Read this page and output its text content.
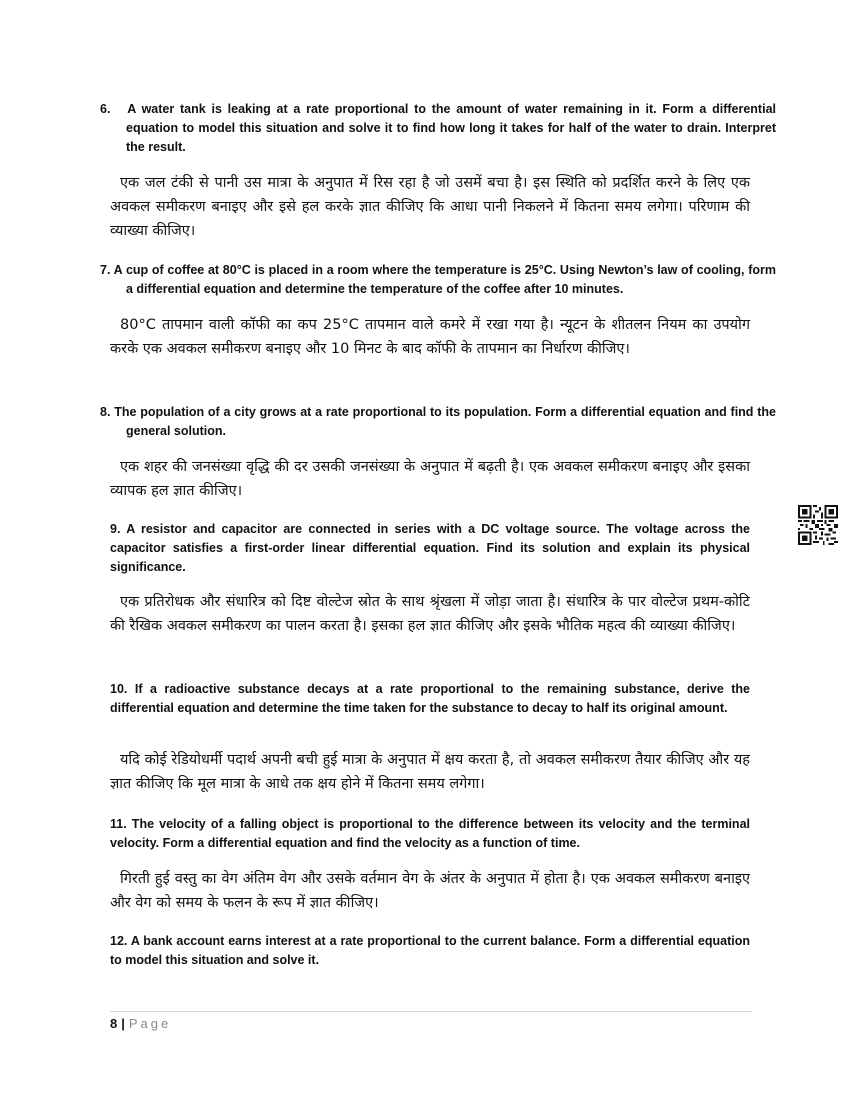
6.   A water tank is leaking at a rate proportional to the amount of water remaining in it. Form a differential equation to model this situation and solve it to find how long it takes for half of the water to drain. Interpret the result.
एक जल टंकी से पानी उस मात्रा के अनुपात में रिस रहा है जो उसमें बचा है। इस स्थिति को प्रदर्शित करने के लिए एक अवकल समीकरण बनाइए और इसे हल करके ज्ञात कीजिए कि आधा पानी निकलने में कितना समय लगेगा। परिणाम की व्याख्या कीजिए।
7. A cup of coffee at 80°C is placed in a room where the temperature is 25°C. Using Newton’s law of cooling, form a differential equation and determine the temperature of the coffee after 10 minutes.
80°C तापमान वाली कॉफी का कप 25°C तापमान वाले कमरे में रखा गया है। न्यूटन के शीतलन नियम का उपयोग करके एक अवकल समीकरण बनाइए और 10 मिनट के बाद कॉफी के तापमान का निर्धारण कीजिए।
8. The population of a city grows at a rate proportional to its population. Form a differential equation and find the general solution.
एक शहर की जनसंख्या वृद्धि की दर उसकी जनसंख्या के अनुपात में बढ़ती है। एक अवकल समीकरण बनाइए और इसका व्यापक हल ज्ञात कीजिए।
9. A resistor and capacitor are connected in series with a DC voltage source. The voltage across the capacitor satisfies a first-order linear differential equation. Find its solution and explain its physical significance.
एक प्रतिरोधक और संधारित्र को दिष्ट वोल्टेज स्रोत के साथ श्रृंखला में जोड़ा जाता है। संधारित्र के पार वोल्टेज प्रथम-कोटि की रैखिक अवकल समीकरण का पालन करता है। इसका हल ज्ञात कीजिए और इसके भौतिक महत्व की व्याख्या कीजिए।
10. If a radioactive substance decays at a rate proportional to the remaining substance, derive the differential equation and determine the time taken for the substance to decay to half its original amount.
यदि कोई रेडियोधर्मी पदार्थ अपनी बची हुई मात्रा के अनुपात में क्षय करता है, तो अवकल समीकरण तैयार कीजिए और यह ज्ञात कीजिए कि मूल मात्रा के आधे तक क्षय होने में कितना समय लगेगा।
11. The velocity of a falling object is proportional to the difference between its velocity and the terminal velocity. Form a differential equation and find the velocity as a function of time.
गिरती हुई वस्तु का वेग अंतिम वेग और उसके वर्तमान वेग के अंतर के अनुपात में होता है। एक अवकल समीकरण बनाइए और वेग को समय के फलन के रूप में ज्ञात कीजिए।
12. A bank account earns interest at a rate proportional to the current balance. Form a differential equation to model this situation and solve it.
8 | Page
